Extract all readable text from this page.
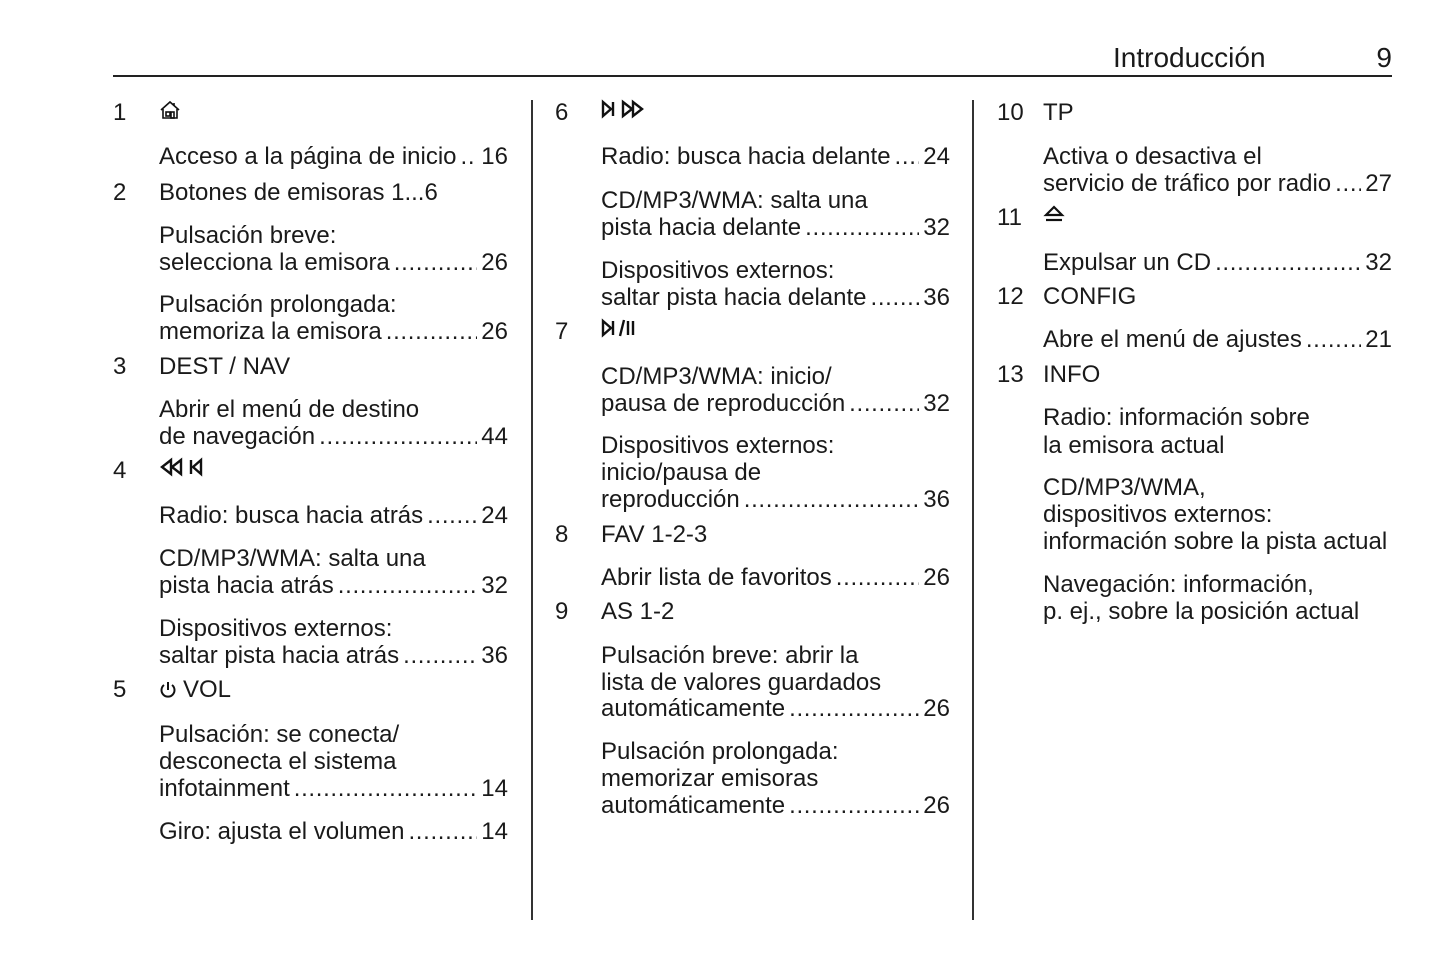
Introducción	9
1
Acceso a la página de inicio . . . 16
2 Botones de emisoras 1...6
Pulsación breve:
selecciona la emisora . . .	26
Pulsación prolongada:
memoriza la emisora . . .	26
3 DEST / NAV
Abrir el menú de destino
de navegación . . .	44
4
Radio: busca hacia atrás . . . 24
CD/MP3/WMA: salta una
pista hacia atrás . . .	32
Dispositivos externos:
saltar pista hacia atrás . . .	36
5 VOL
Pulsación: se conecta/
desconecta el sistema
infotainment . . .	14
Giro: ajusta el volumen . . .	14
6
Radio: busca hacia delante . . . 24
CD/MP3/WMA: salta una
pista hacia delante . . .	32
Dispositivos externos:
saltar pista hacia delante . . . 36
7
CD/MP3/WMA: inicio/
pausa de reproducción . . .	32
Dispositivos externos:
inicio/pausa de
reproducción . . .	36
8 FAV 1-2-3
Abrir lista de favoritos . . .	26
9 AS 1-2
Pulsación breve: abrir la
lista de valores guardados
automáticamente . . .	26
Pulsación prolongada:
memorizar emisoras
automáticamente . . .	26
10 TP
Activa o desactiva el
servicio de tráfico por radio . . . 27
11
Expulsar un CD . . .	32
12 CONFIG
Abre el menú de ajustes . . .	21
13 INFO
Radio: información sobre
la emisora actual
CD/MP3/WMA,
dispositivos externos:
información sobre la pista actual
Navegación: información,
p. ej., sobre la posición actual
